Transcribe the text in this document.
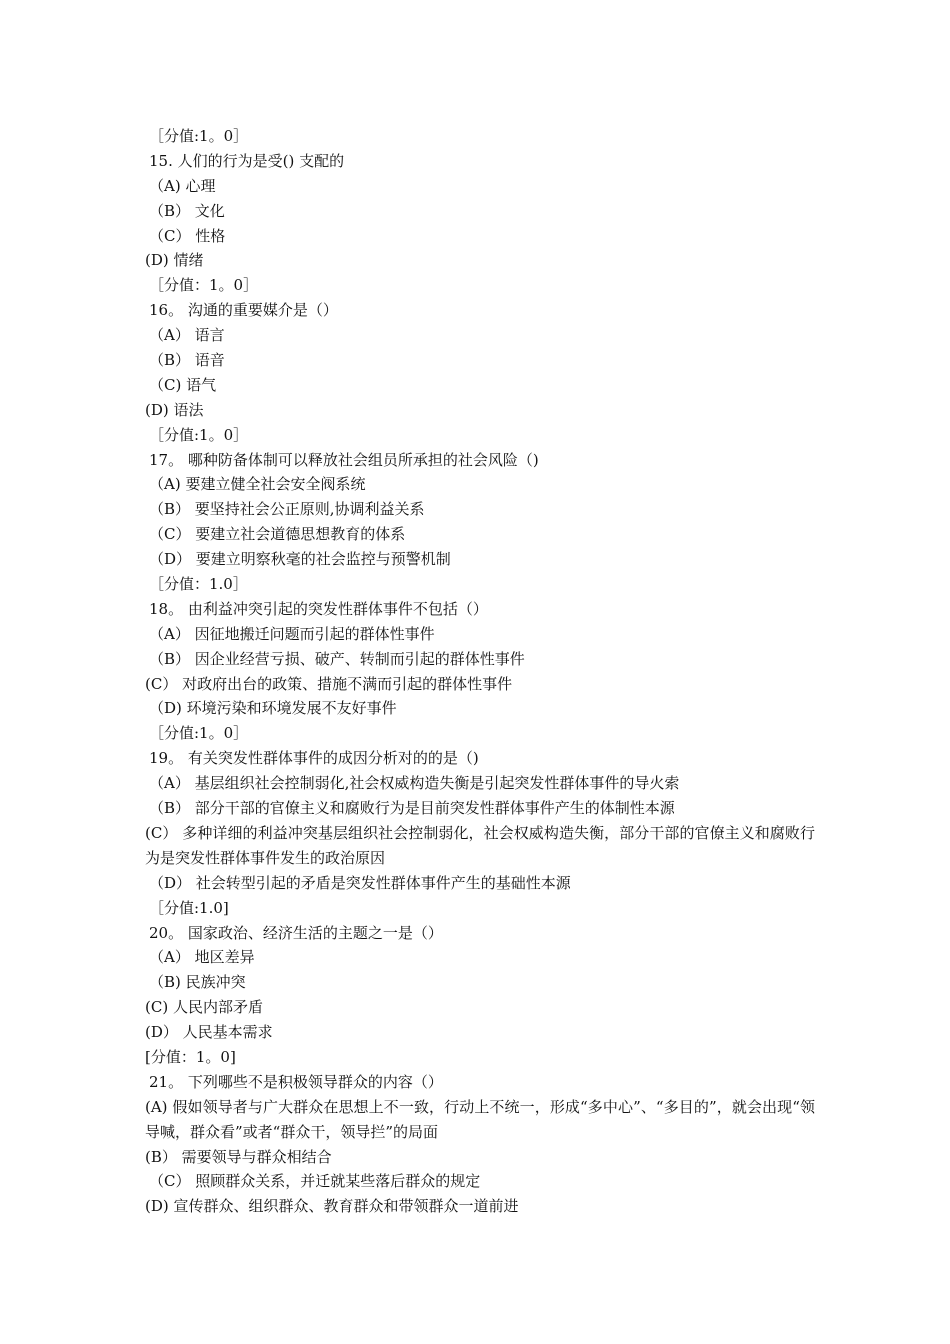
［分值:1。0］
15. 人们的行为是受() 支配的
（A) 心理
（B） 文化
（C） 性格
(D) 情绪
［分值：1。0］
16。 沟通的重要媒介是（）
（A） 语言
（B） 语音
（C) 语气
(D) 语法
［分值:1。0］
17。 哪种防备体制可以释放社会组员所承担的社会风险（)
（A) 要建立健全社会安全阀系统
（B） 要坚持社会公正原则,协调利益关系
（C） 要建立社会道德思想教育的体系
（D） 要建立明察秋毫的社会监控与预警机制
［分值：1.0］
18。 由利益冲突引起的突发性群体事件不包括（）
（A） 因征地搬迁问题而引起的群体性事件
（B） 因企业经营亏损、破产、转制而引起的群体性事件
(C） 对政府出台的政策、措施不满而引起的群体性事件
（D) 环境污染和环境发展不友好事件
［分值:1。0］
19。 有关突发性群体事件的成因分析对的的是（)
（A） 基层组织社会控制弱化,社会权威构造失衡是引起突发性群体事件的导火索
（B） 部分干部的官僚主义和腐败行为是目前突发性群体事件产生的体制性本源
(C） 多种详细的利益冲突基层组织社会控制弱化，社会权威构造失衡，部分干部的官僚主义和腐败行为是突发性群体事件发生的政治原因
（D） 社会转型引起的矛盾是突发性群体事件产生的基础性本源
［分值:1.0]
20。 国家政治、经济生活的主题之一是（）
（A） 地区差异
（B) 民族冲突
(C) 人民内部矛盾
(D） 人民基本需求
[分值：1。0]
21。 下列哪些不是积极领导群众的内容（）
(A) 假如领导者与广大群众在思想上不一致，行动上不统一，形成“多中心”、“多目的”，就会出现“领导喊，群众看”或者“群众干，领导拦”的局面
(B） 需要领导与群众相结合
（C） 照顾群众关系，并迁就某些落后群众的规定
(D) 宣传群众、组织群众、教育群众和带领群众一道前进
